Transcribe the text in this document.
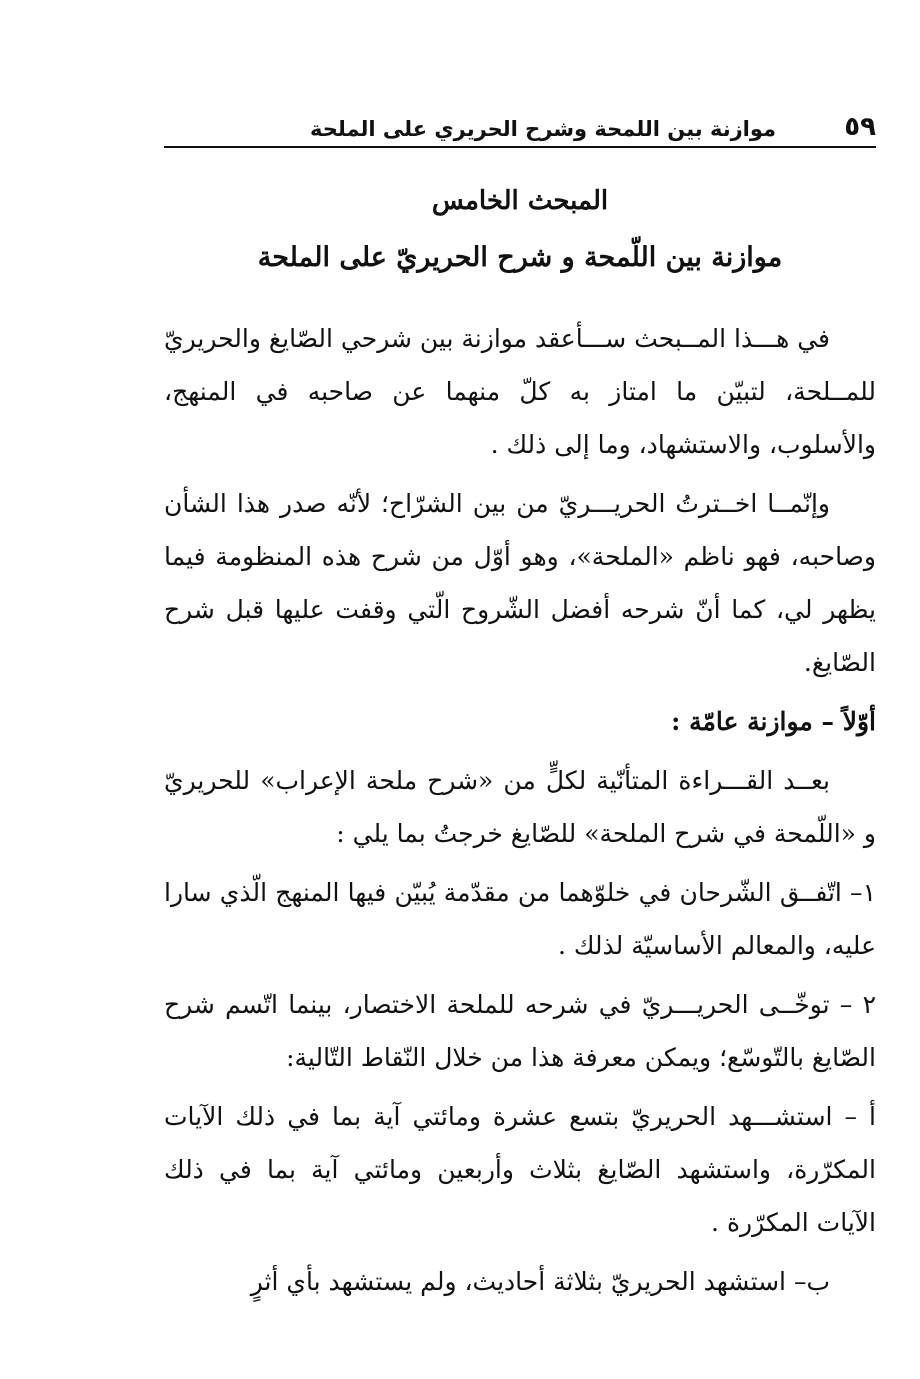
٥٩
موازنة بين اللمحة وشرح الحريري على الملحة
المبحث الخامس
موازنة بين اللّمحة و شرح الحريريّ على الملحة

في هـــذا المــبحث ســـأعقد موازنة بين شرحي الصّايغ والحريريّ للمــلحة، لتبيّن ما امتاز به كلّ منهما عن صاحبه في المنهج، والأسلوب، والاستشهاد، وما إلى ذلك .

وإنّمــا اخــترتُ الحريـــريّ من بين الشرّاح؛ لأنّه صدر هذا الشأن وصاحبه، فهو ناظم «الملحة»، وهو أوّل من شرح هذه المنظومة فيما يظهر لي، كما أنّ شرحه أفضل الشّروح الّتي وقفت عليها قبل شرح الصّايغ.

أوّلاً – موازنة عامّة :

بعــد القـــراءة المتأنّية لكلٍّ من «شرح ملحة الإعراب» للحريريّ و «اللّمحة في شرح الملحة» للصّايغ خرجتُ بما يلي :

١– اتّفــق الشّرحان في خلوّهما من مقدّمة يُبيّن فيها المنهج الّذي سارا عليه، والمعالم الأساسيّة لذلك .

٢ – توخّــى الحريـــريّ في شرحه للملحة الاختصار، بينما اتّسم شرح الصّايغ بالتّوسّع؛ ويمكن معرفة هذا من خلال النّقاط التّالية:

أ – استشـــهد الحريريّ بتسع عشرة ومائتي آية بما في ذلك الآيات المكرّرة، واستشهد الصّايغ بثلاث وأربعين ومائتي آية بما في ذلك الآيات المكرّرة .

ب– استشهد الحريريّ بثلاثة أحاديث، ولم يستشهد بأي أثرٍ
